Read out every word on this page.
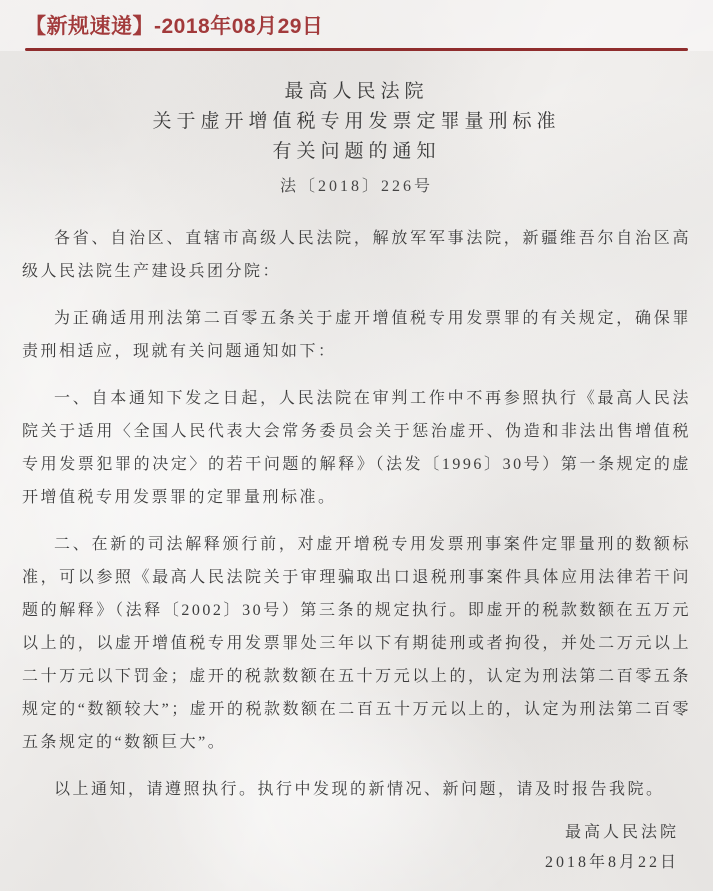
【新规速递】-2018年08月29日
最高人民法院
关于虚开增值税专用发票定罪量刑标准
有关问题的通知
法〔2018〕226号

各省、自治区、直辖市高级人民法院，解放军军事法院，新疆维吾尔自治区高级人民法院生产建设兵团分院：

为正确适用刑法第二百零五条关于虚开增值税专用发票罪的有关规定，确保罪责刑相适应，现就有关问题通知如下：

一、自本通知下发之日起，人民法院在审判工作中不再参照执行《最高人民法院关于适用〈全国人民代表大会常务委员会关于惩治虚开、伪造和非法出售增值税专用发票犯罪的决定〉的若干问题的解释》（法发〔1996〕30号）第一条规定的虚开增值税专用发票罪的定罪量刑标准。

二、在新的司法解释颁行前，对虚开增税专用发票刑事案件定罪量刑的数额标准，可以参照《最高人民法院关于审理骗取出口退税刑事案件具体应用法律若干问题的解释》（法释〔2002〕30号）第三条的规定执行。即虚开的税款数额在五万元以上的，以虚开增值税专用发票罪处三年以下有期徒刑或者拘役，并处二万元以上二十万元以下罚金；虚开的税款数额在五十万元以上的，认定为刑法第二百零五条规定的“数额较大”；虚开的税款数额在二百五十万元以上的，认定为刑法第二百零五条规定的“数额巨大”。

以上通知，请遵照执行。执行中发现的新情况、新问题，请及时报告我院。

最高人民法院
2018年8月22日
